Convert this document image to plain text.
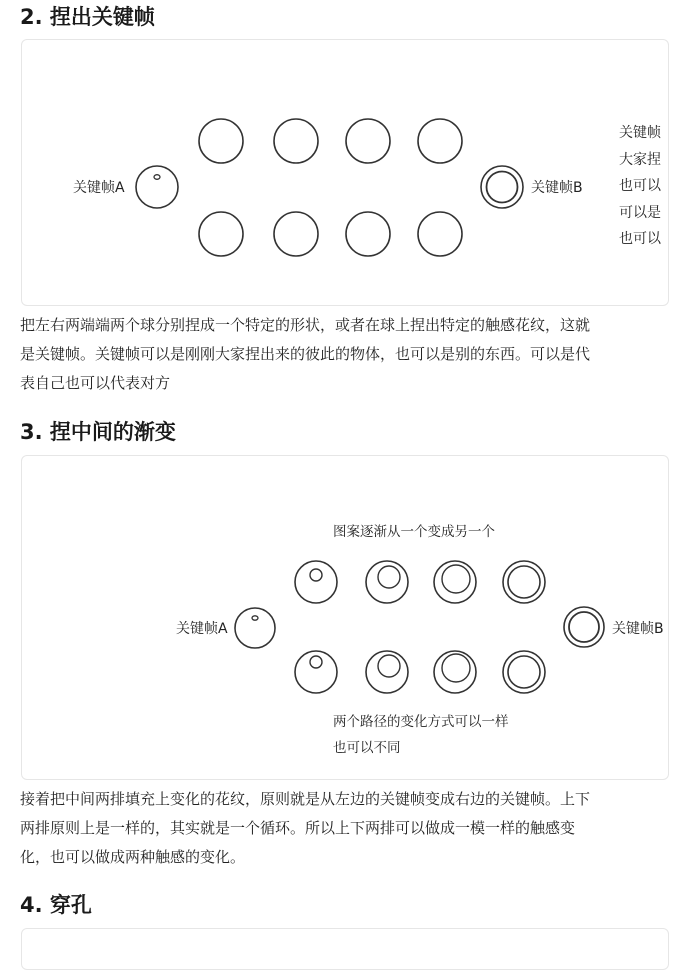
2. 捏出关键帧
关键帧A	关键帧B
关键帧
大家捏
也可以
可以是
也可以
把左右两端端两个球分别捏成一个特定的形状，或者在球上捏出特定的触感花纹，这就
是关键帧。关键帧可以是刚刚大家捏出来的彼此的物体，也可以是别的东西。可以是代
表自己也可以代表对方
3. 捏中间的渐变
图案逐渐从一个变成另一个
关键帧A	关键帧B
两个路径的变化方式可以一样
也可以不同
接着把中间两排填充上变化的花纹，原则就是从左边的关键帧变成右边的关键帧。上下
两排原则上是一样的，其实就是一个循环。所以上下两排可以做成一模一样的触感变
化，也可以做成两种触感的变化。
4. 穿孔
